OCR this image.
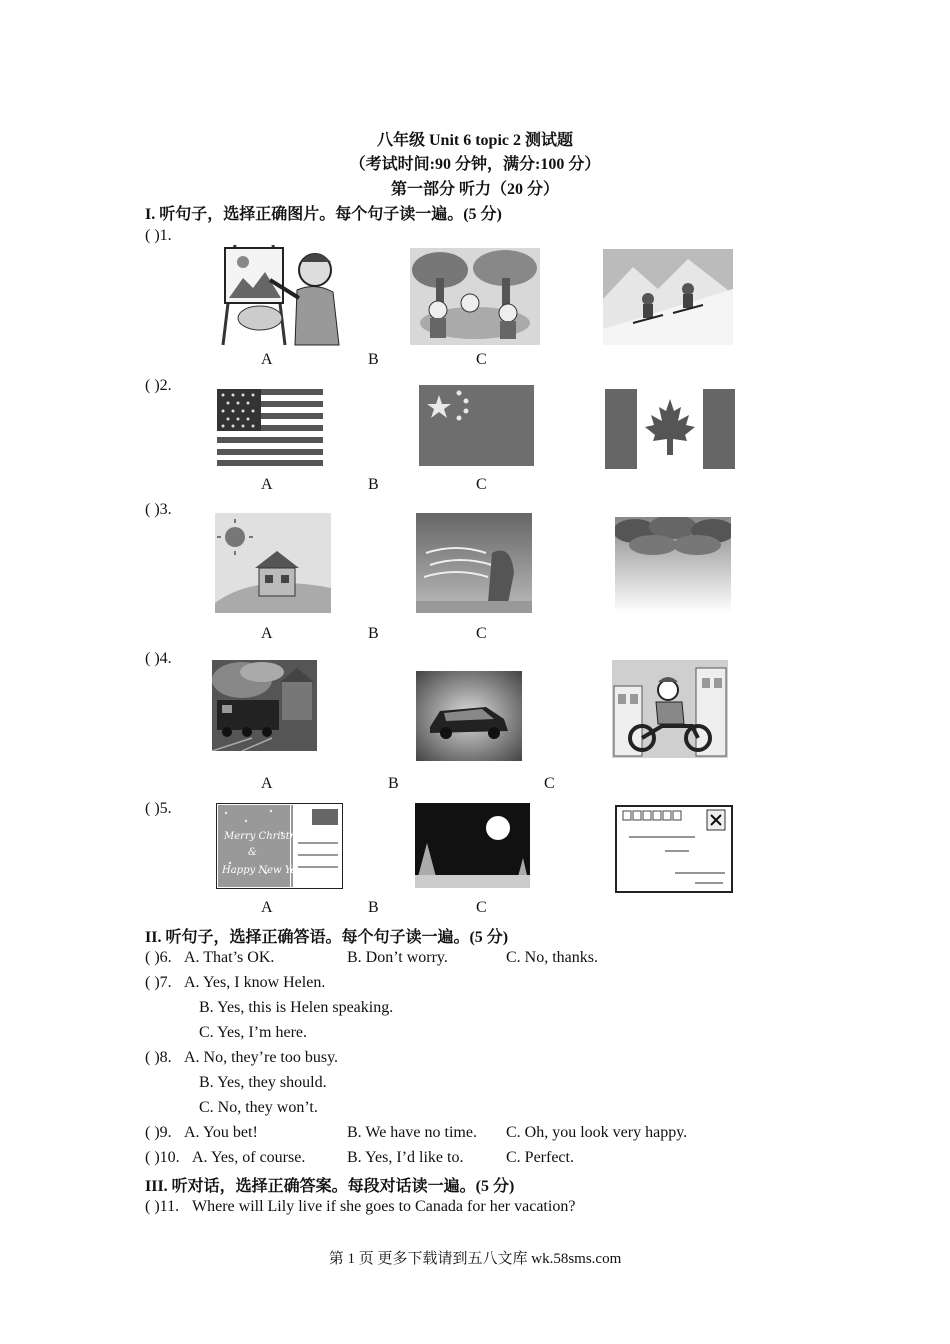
八年级 Unit 6 topic 2 测试题
（考试时间:90 分钟，满分:100 分）
第一部分 听力（20 分）
I. 听句子，选择正确图片。每个句子读一遍。(5 分)
( )1.
A	B	C
( )2.
A	B	C
( )3.
A	B	C
( )4.
A	B	C
( )5.
Merry Christmas
&
Happy New Year
A	B	C
II. 听句子，选择正确答语。每个句子读一遍。(5 分)
( )6. A. That’s OK.	B. Don’t worry.	C. No, thanks.
( )7. A. Yes, I know Helen.
B. Yes, this is Helen speaking.
C. Yes, I’m here.
( )8. A. No, they’re too busy.
B. Yes, they should.
C. No, they won’t.
( )9. A. You bet!	B. We have no time. C. Oh, you look very happy.
( )10. A. Yes, of course.	B. Yes, I’d like to.	C. Perfect.
III. 听对话，选择正确答案。每段对话读一遍。(5 分)
( )11. Where will Lily live if she goes to Canada for her vacation?
第 1 页 更多下载请到五八文库 wk.58sms.com
